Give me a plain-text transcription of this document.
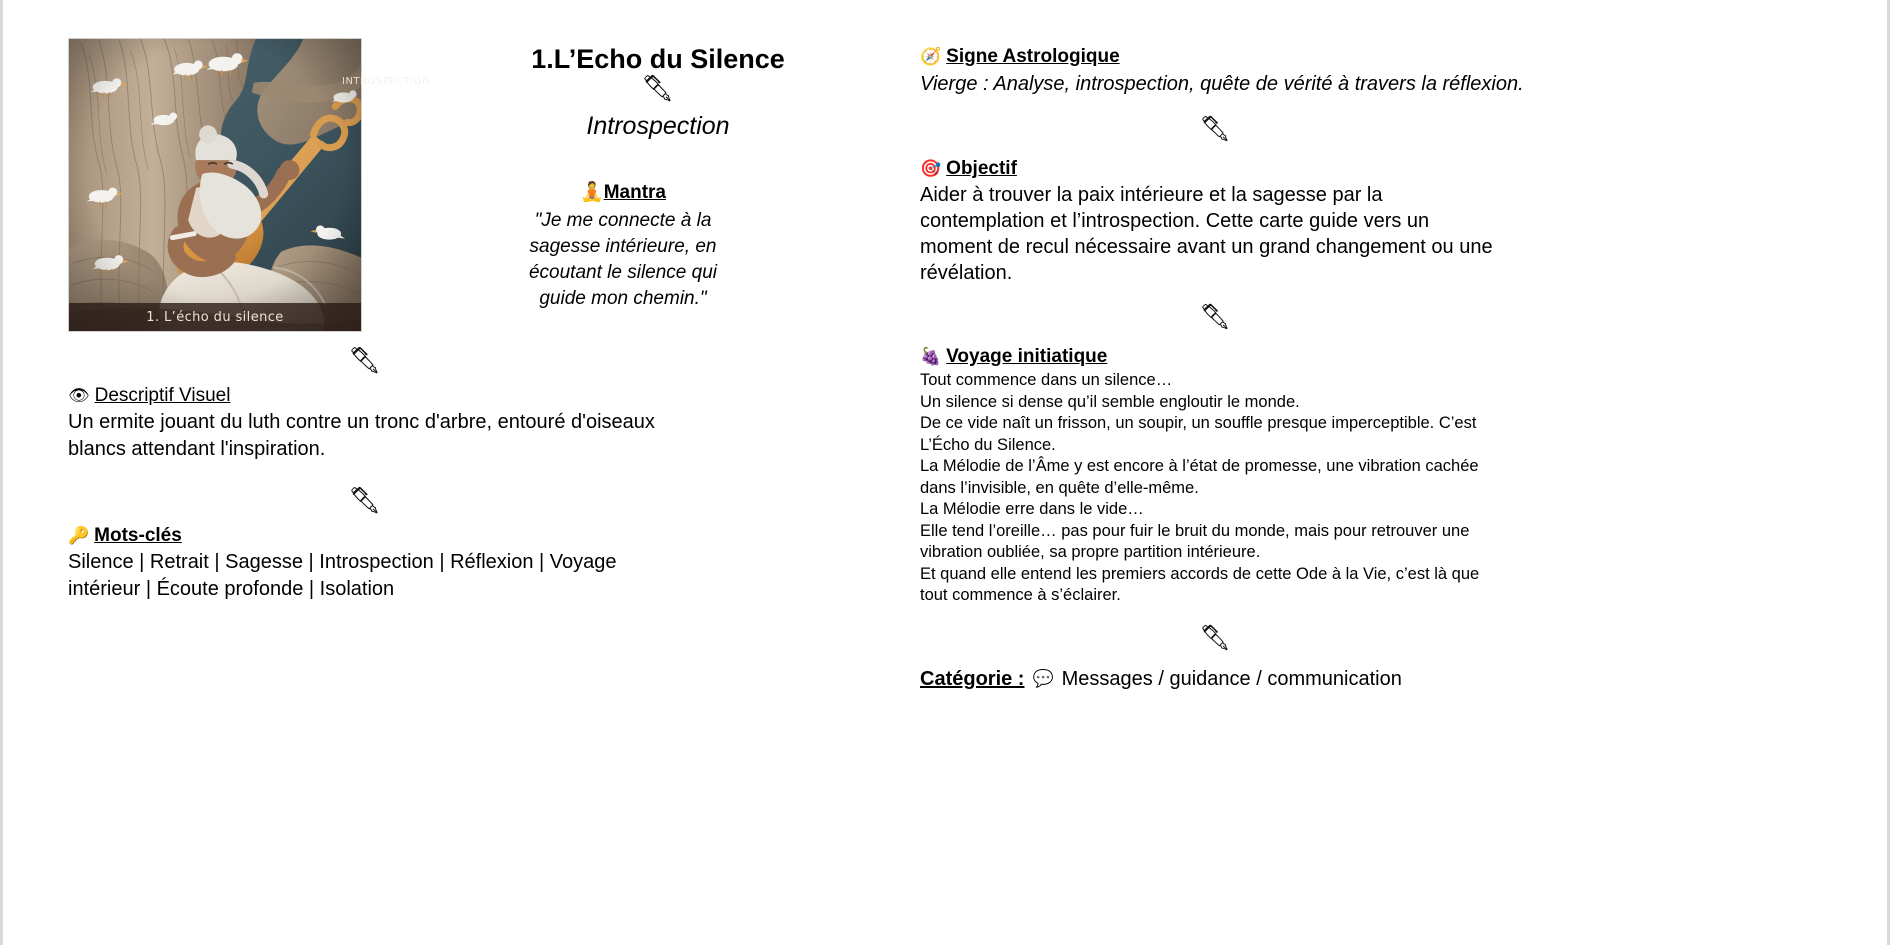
INTROSPECTION
1. L’écho du silence
1.L’Echo du Silence
🖋

Introspection

🧘Mantra
"Je me connecte à la sagesse intérieure, en écoutant le silence qui guide mon chemin."
🖋
👁 Descriptif Visuel
Un ermite jouant du luth contre un tronc d'arbre, entouré d'oiseaux blancs attendant l'inspiration.
🖋
🔑 Mots-clés
Silence | Retrait | Sagesse | Introspection | Réflexion | Voyage intérieur | Écoute profonde | Isolation
🧭 Signe Astrologique
Vierge : Analyse, introspection, quête de vérité à travers la réflexion.
🖋
🎯 Objectif
Aider à trouver la paix intérieure et la sagesse par la contemplation et l’introspection. Cette carte guide vers un moment de recul nécessaire avant un grand changement ou une révélation.
🖋
🍇 Voyage initiatique

Tout commence dans un silence…

Un silence si dense qu’il semble engloutir le monde.

De ce vide naît un frisson, un soupir, un souffle presque imperceptible. C’est L’Écho du Silence.

La Mélodie de l’Âme y est encore à l’état de promesse, une vibration cachée dans l’invisible, en quête d’elle-même.

La Mélodie erre dans le vide…

Elle tend l’oreille… pas pour fuir le bruit du monde, mais pour retrouver une vibration oubliée, sa propre partition intérieure.

Et quand elle entend les premiers accords de cette Ode à la Vie, c’est là que tout commence à s’éclairer.

🖋
Catégorie : 💬 Messages / guidance / communication
